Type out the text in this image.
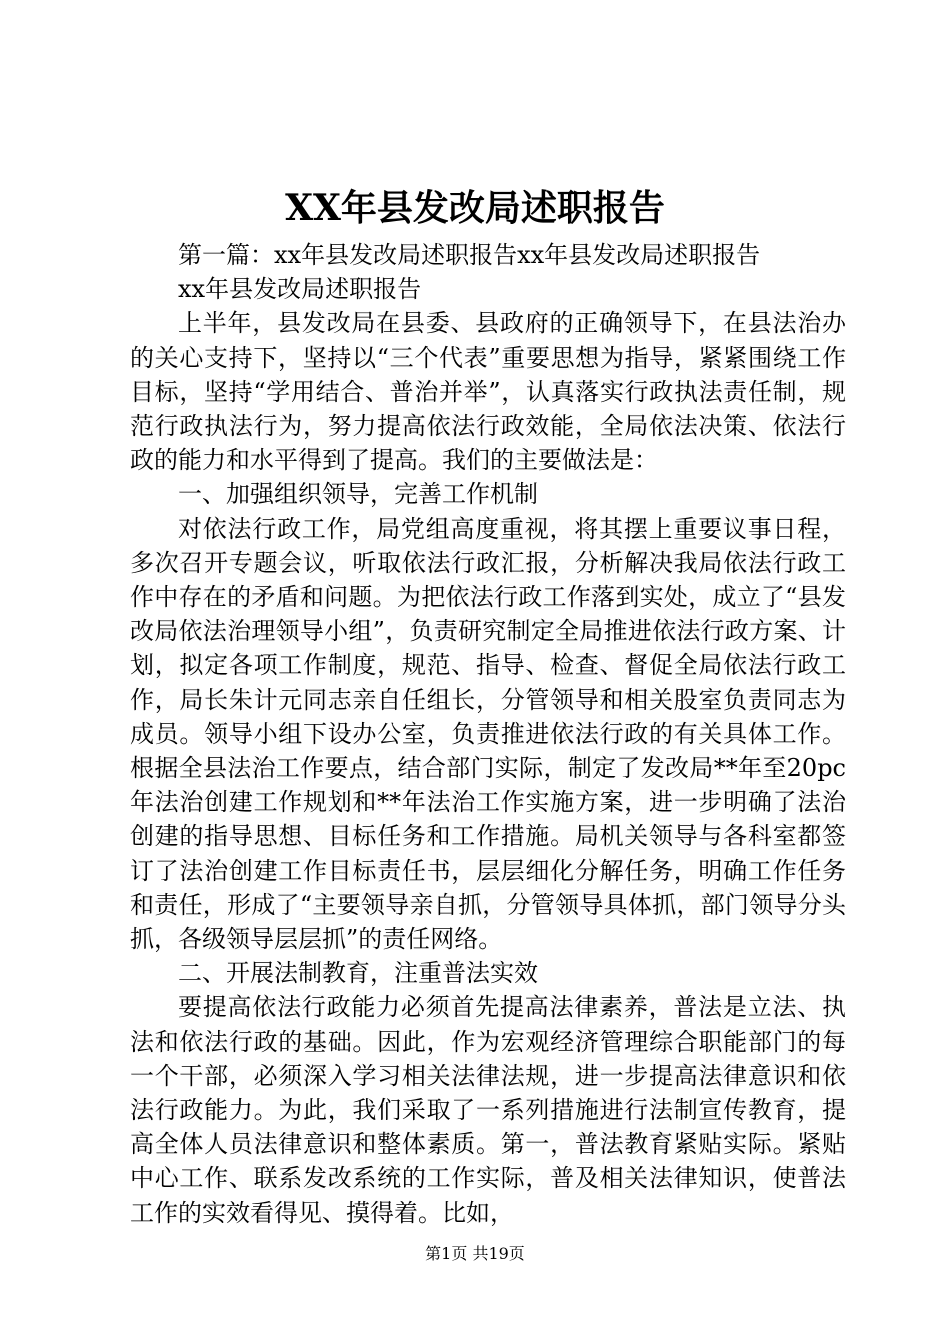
XX年县发改局述职报告

第一篇：xx年县发改局述职报告xx年县发改局述职报告

xx年县发改局述职报告

上半年，县发改局在县委、县政府的正确领导下，在县法治办的关心支持下，坚持以“三个代表”重要思想为指导，紧紧围绕工作目标，坚持“学用结合、普治并举”，认真落实行政执法责任制，规范行政执法行为，努力提高依法行政效能，全局依法决策、依法行政的能力和水平得到了提高。我们的主要做法是：

一、加强组织领导，完善工作机制

对依法行政工作，局党组高度重视，将其摆上重要议事日程，多次召开专题会议，听取依法行政汇报，分析解决我局依法行政工作中存在的矛盾和问题。为把依法行政工作落到实处，成立了“县发改局依法治理领导小组”，负责研究制定全局推进依法行政方案、计划，拟定各项工作制度，规范、指导、检查、督促全局依法行政工作，局长朱计元同志亲自任组长，分管领导和相关股室负责同志为成员。领导小组下设办公室，负责推进依法行政的有关具体工作。根据全县法治工作要点，结合部门实际，制定了发改局**年至20pc年法治创建工作规划和**年法治工作实施方案，进一步明确了法治创建的指导思想、目标任务和工作措施。局机关领导与各科室都签订了法治创建工作目标责任书，层层细化分解任务，明确工作任务和责任，形成了“主要领导亲自抓，分管领导具体抓，部门领导分头抓，各级领导层层抓”的责任网络。

二、开展法制教育，注重普法实效

要提高依法行政能力必须首先提高法律素养，普法是立法、执法和依法行政的基础。因此，作为宏观经济管理综合职能部门的每一个干部，必须深入学习相关法律法规，进一步提高法律意识和依法行政能力。为此，我们采取了一系列措施进行法制宣传教育，提高全体人员法律意识和整体素质。第一，普法教育紧贴实际。紧贴中心工作、联系发改系统的工作实际，普及相关法律知识，使普法工作的实效看得见、摸得着。比如，

第1页 共19页
